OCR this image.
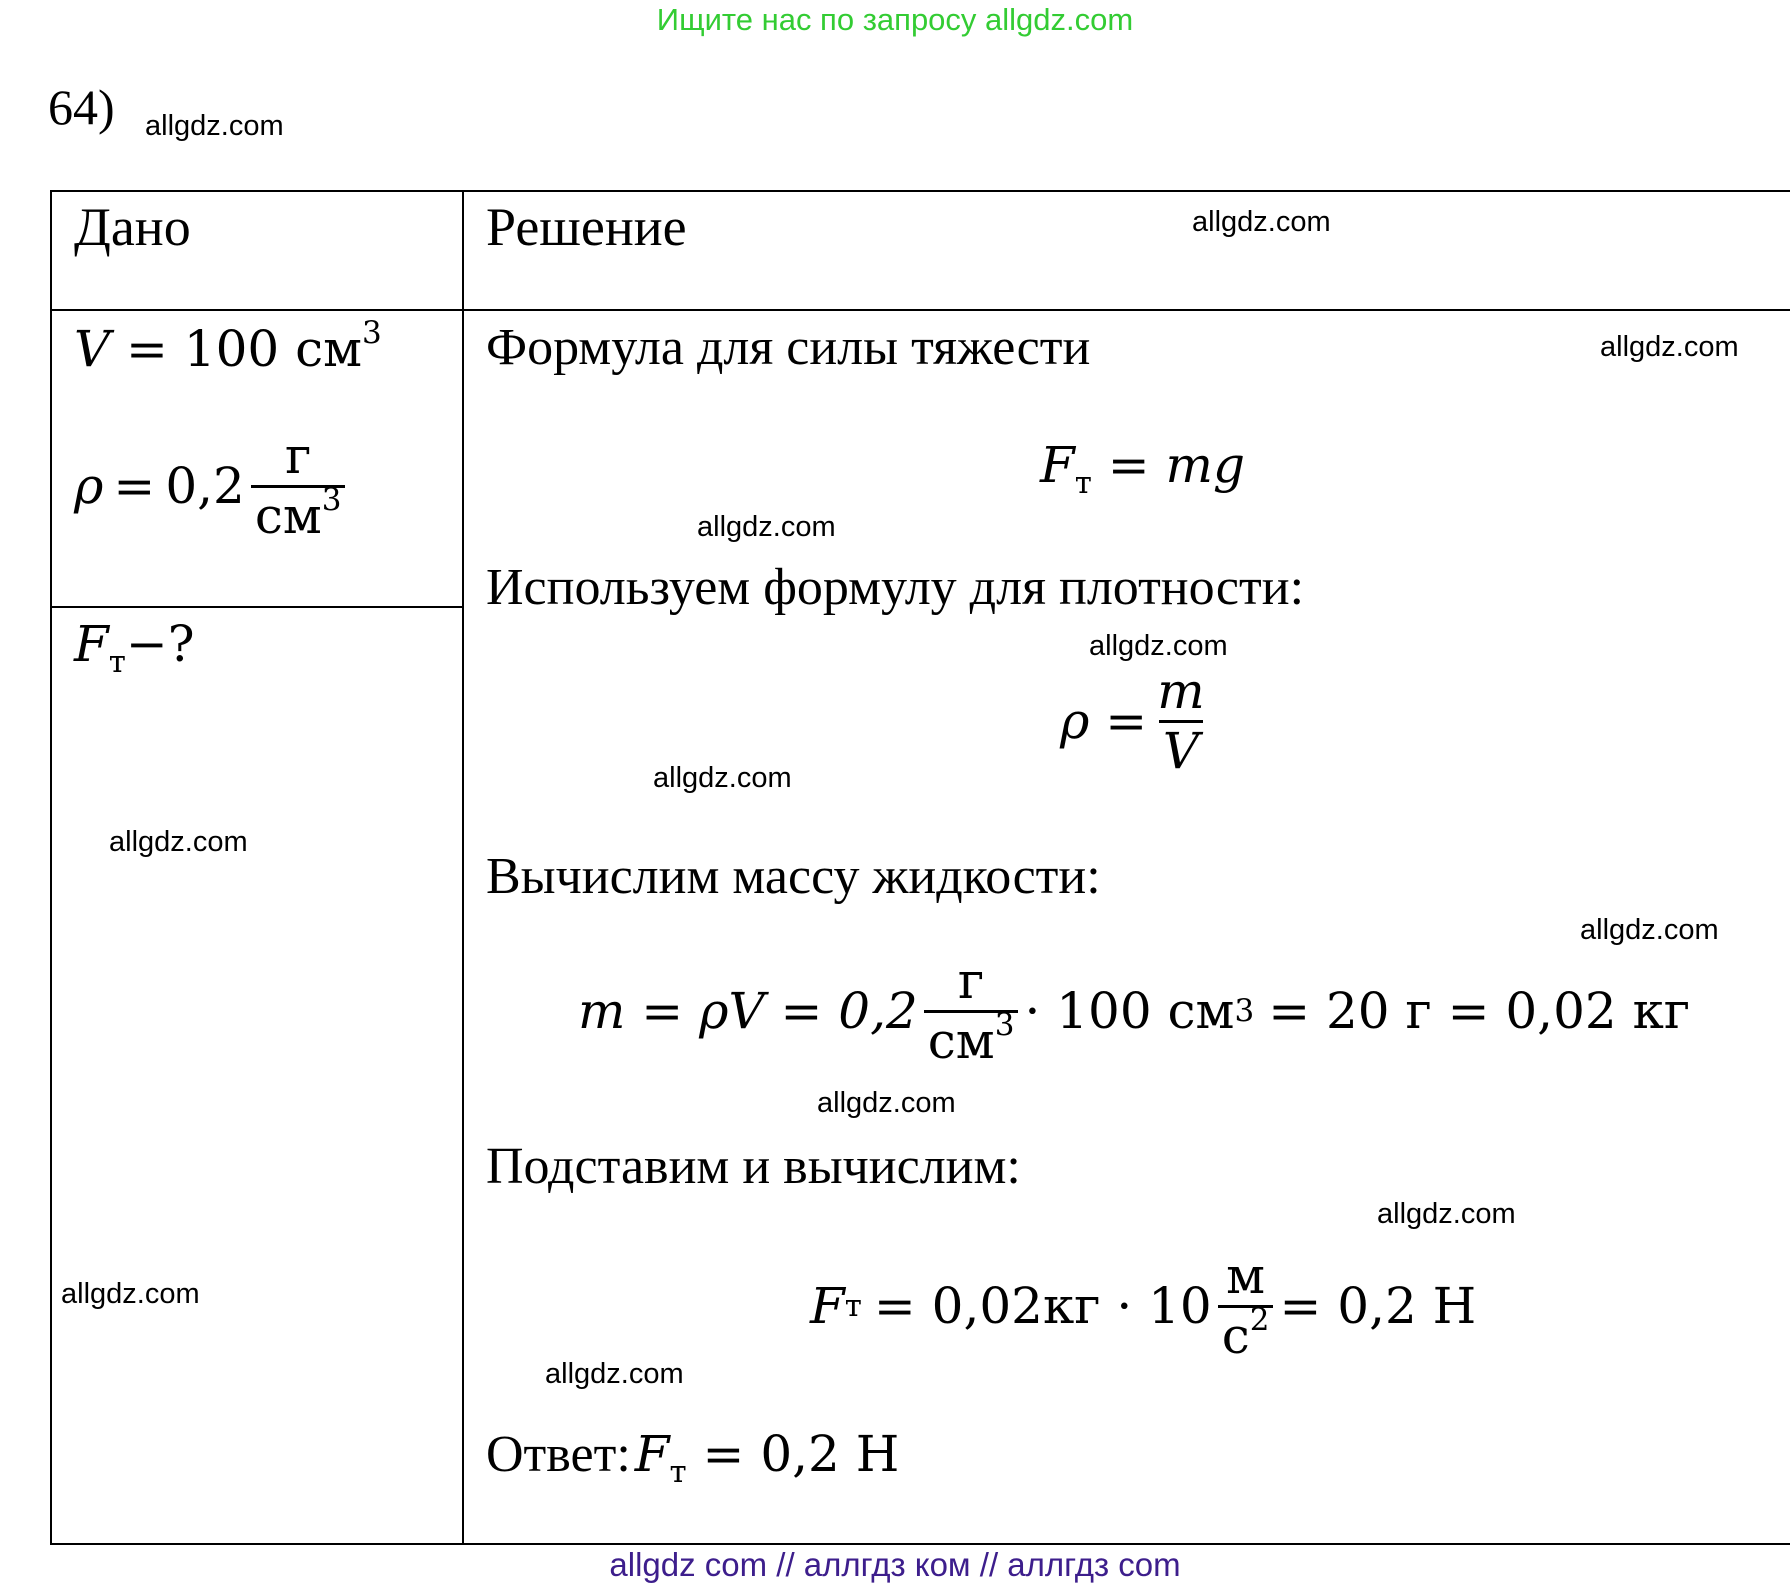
Ищите нас по запросу allgdz.com
64)
Дано	Решение
V = 100 $см^3$
$\rho = 0,2 \frac{г}{см^3}$
$F_т-$?
Формула для силы тяжести
$F_т$ = mg
Используем формулу для плотности:
$\rho = \frac{m}{V}$
Вычислим массу жидкости:
$m = \rho V = 0,2 \frac{г}{см^3} \cdot 100$ см 3 = 20 г = 0,02 кг
Подставим и вычислим:
F $т = 0,02кг \cdot 10 \frac{м}{с^2} = 0,2$ Н
Ответ: $F_т = 0,2$ Н
allgdz.com
allgdz.com
allgdz.com
allgdz.com
allgdz.com
allgdz.com
allgdz.com
allgdz.com
allgdz.com
allgdz.com
allgdz.com
allgdz.com
allgdz com // аллгдз ком // аллгдз com
